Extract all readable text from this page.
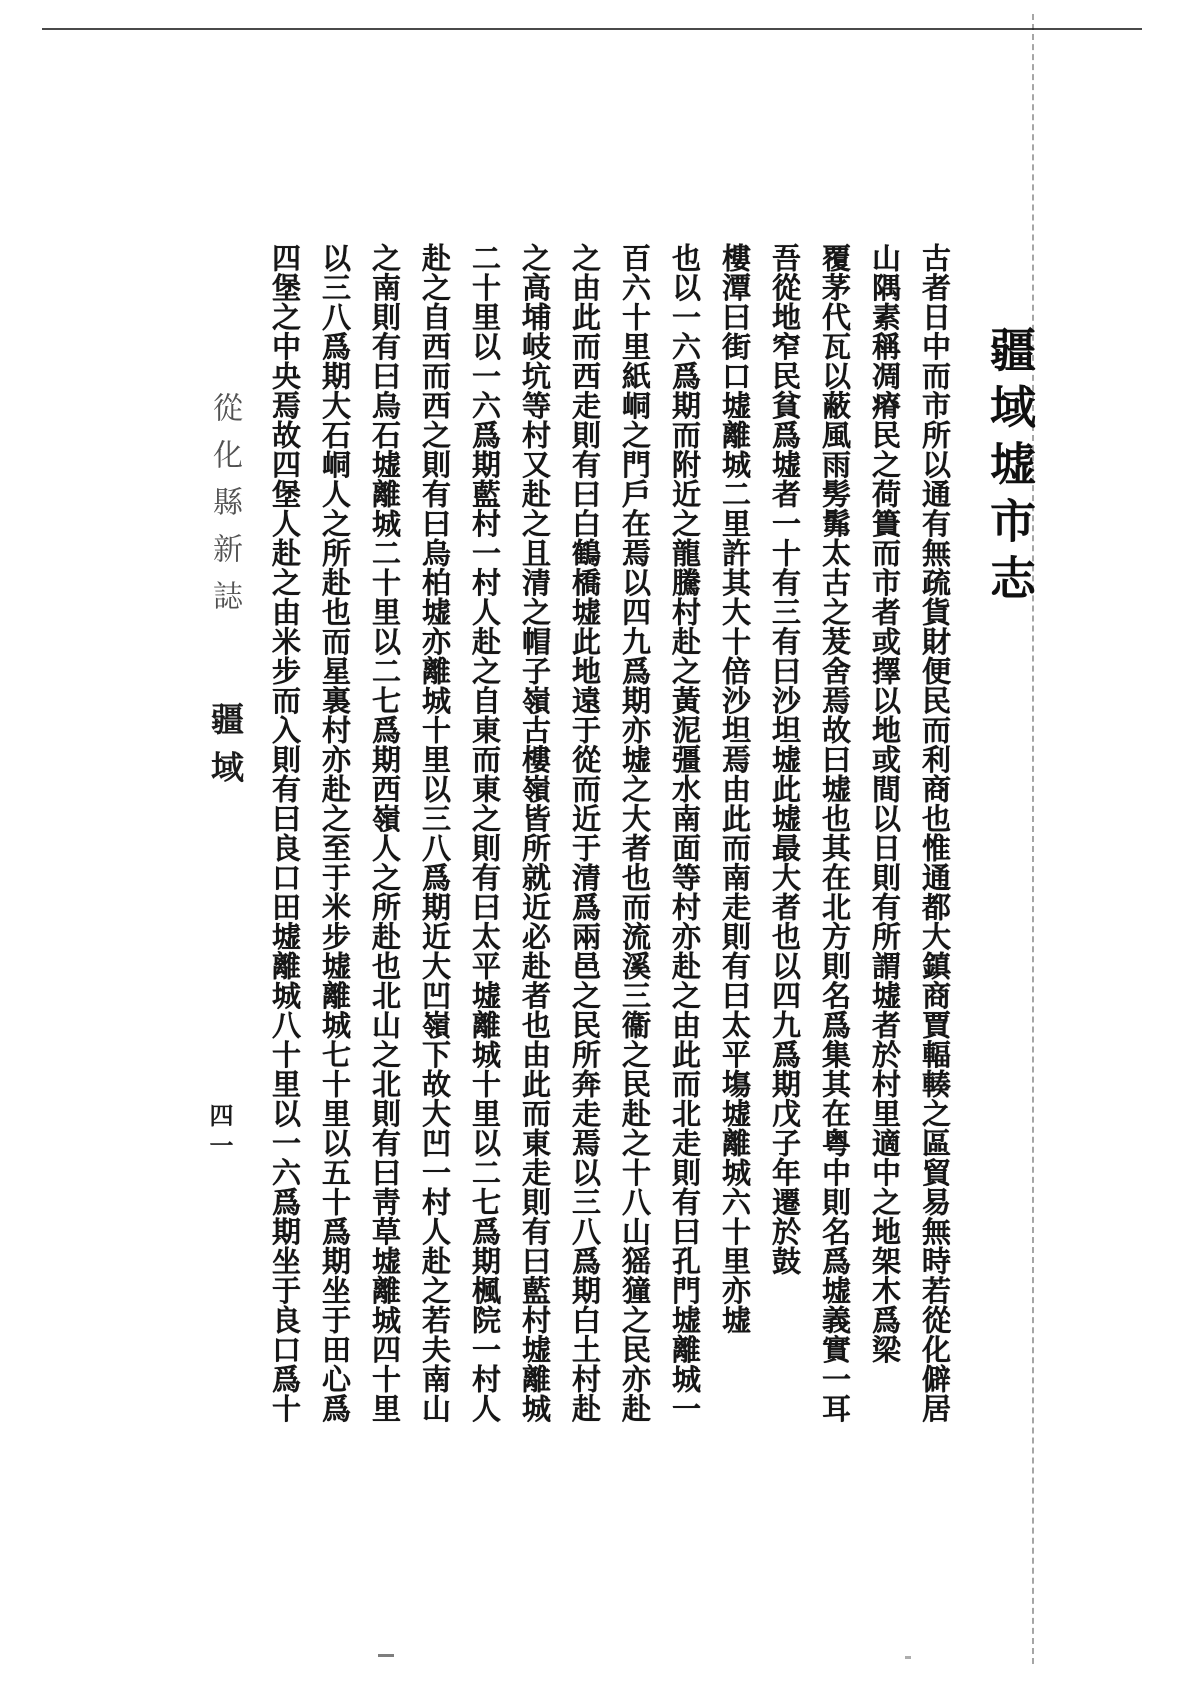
疆域墟市志
古者日中而市所以通有無疏貨財便民而利商也惟通都大鎮商賈輻輳之區貿易無時若從化僻居
山隅素稱凋瘠民之荷簣而市者或擇以地或間以日則有所謂墟者於村里適中之地架木爲梁
覆茅代瓦以蔽風雨髣髴太古之茇舍焉故曰墟也其在北方則名爲集其在粤中則名爲墟義實一耳
吾從地窄民貧爲墟者一十有三有曰沙坦墟此墟最大者也以四九爲期戊子年遷於鼓
樓潭曰街口墟離城二里許其大十倍沙坦焉由此而南走則有曰太平塲墟離城六十里亦墟
也以一六爲期而附近之龍騰村赴之黃泥彊水南面等村亦赴之由此而北走則有曰孔門墟離城一
百六十里紙峒之門戶在焉以四九爲期亦墟之大者也而流溪三衞之民赴之十八山猺獞之民亦赴
之由此而西走則有曰白鶴橋墟此地遠于從而近于清爲兩邑之民所奔走焉以三八爲期白土村赴
之高埔岐坑等村又赴之且清之帽子嶺古樓嶺皆所就近必赴者也由此而東走則有曰藍村墟離城
二十里以一六爲期藍村一村人赴之自東而東之則有曰太平墟離城十里以二七爲期楓院一村人
赴之自西而西之則有曰烏柏墟亦離城十里以三八爲期近大凹嶺下故大凹一村人赴之若夫南山
之南則有曰烏石墟離城二十里以二七爲期西嶺人之所赴也北山之北則有曰靑草墟離城四十里
以三八爲期大石峒人之所赴也而星裏村亦赴之至于米步墟離城七十里以五十爲期坐于田心爲
四堡之中央焉故四堡人赴之由米步而入則有曰良口田墟離城八十里以一六爲期坐于良口爲十
從化縣新誌
疆域
四一
